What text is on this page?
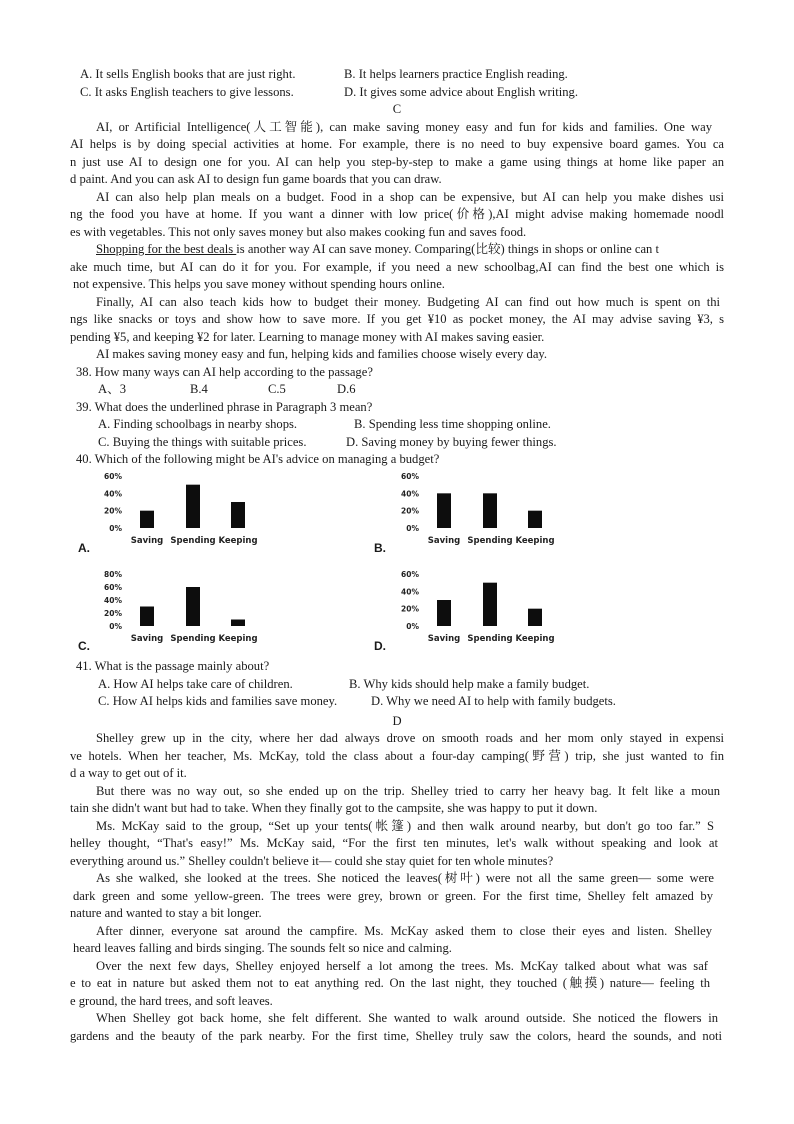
A. It sells English books that are just right.	B. It helps learners practice English reading.
C. It asks English teachers to give lessons.	D. It gives some advice about English writing.
C
AI, or Artificial Intelligence(人工智能), can make saving money easy and fun for kids and families. One way
AI helps is by doing special activities at home. For example, there is no need to buy expensive board games. You ca
n just use AI to design one for you. AI can help you step-by-step to make a game using things at home like paper an
d paint. And you can ask AI to design fun game boards that you can draw.
AI can also help plan meals on a budget. Food in a shop can be expensive, but AI can help you make dishes usi
ng the food you have at home. If you want a dinner with low price(价格),AI might advise making homemade noodl
es with vegetables. This not only saves money but also makes cooking fun and saves food.
Shopping for the best deals is another way AI can save money. Comparing(比较) things in shops or online can t
ake much time, but AI can do it for you. For example, if you need a new schoolbag,AI can find the best one which is
not expensive. This helps you save money without spending hours online.
Finally, AI can also teach kids how to budget their money. Budgeting AI can find out how much is spent on thi
ngs like snacks or toys and show how to save more. If you get ¥10 as pocket money, the AI may advise saving ¥3, s
pending ¥5, and keeping ¥2 for later. Learning to manage money with AI makes saving easier.
AI makes saving money easy and fun, helping kids and families choose wisely every day.
38. How many ways can AI help according to the passage?
A、3	B.4	C.5	D.6
39. What does the underlined phrase in Paragraph 3 mean?
A. Finding schoolbags in nearby shops.	B. Spending less time shopping online.
C. Buying the things with suitable prices.	D. Saving money by buying fewer things.
40. Which of the following might be AI's advice on managing a budget?
A.	B.
C.	D.
0%
20%
40%
60%
Saving Spending Keeping
0%
20%
40%
60%
Saving Spending Keeping
0%
20%
40%
60%
80%
Saving Spending Keeping
0%
20%
40%
60%
Saving Spending Keeping
41. What is the passage mainly about?
A. How AI helps take care of children.	B. Why kids should help make a family budget.
C. How AI helps kids and families save money.	D. Why we need AI to help with family budgets.
D
Shelley grew up in the city, where her dad always drove on smooth roads and her mom only stayed in expensi
ve hotels. When her teacher, Ms. McKay, told the class about a four-day camping(野营) trip, she just wanted to fin
d a way to get out of it.
But there was no way out, so she ended up on the trip. Shelley tried to carry her heavy bag. It felt like a moun
tain she didn't want but had to take. When they finally got to the campsite, she was happy to put it down.
Ms. McKay said to the group, “Set up your tents(帐篷) and then walk around nearby, but don't go too far.” S
helley thought, “That's easy!” Ms. McKay said, “For the first ten minutes, let's walk without speaking and look at
everything around us.” Shelley couldn't believe it— could she stay quiet for ten whole minutes?
As she walked, she looked at the trees. She noticed the leaves(树叶) were not all the same green— some were
dark green and some yellow-green. The trees were grey, brown or green. For the first time, Shelley felt amazed by
nature and wanted to stay a bit longer.
After dinner, everyone sat around the campfire. Ms. McKay asked them to close their eyes and listen. Shelley
heard leaves falling and birds singing. The sounds felt so nice and calming.
Over the next few days, Shelley enjoyed herself a lot among the trees. Ms. McKay talked about what was saf
e to eat in nature but asked them not to eat anything red. On the last night, they touched (触摸) nature— feeling th
e ground, the hard trees, and soft leaves.
When Shelley got back home, she felt different. She wanted to walk around outside. She noticed the flowers in
gardens and the beauty of the park nearby. For the first time, Shelley truly saw the colors, heard the sounds, and noti
